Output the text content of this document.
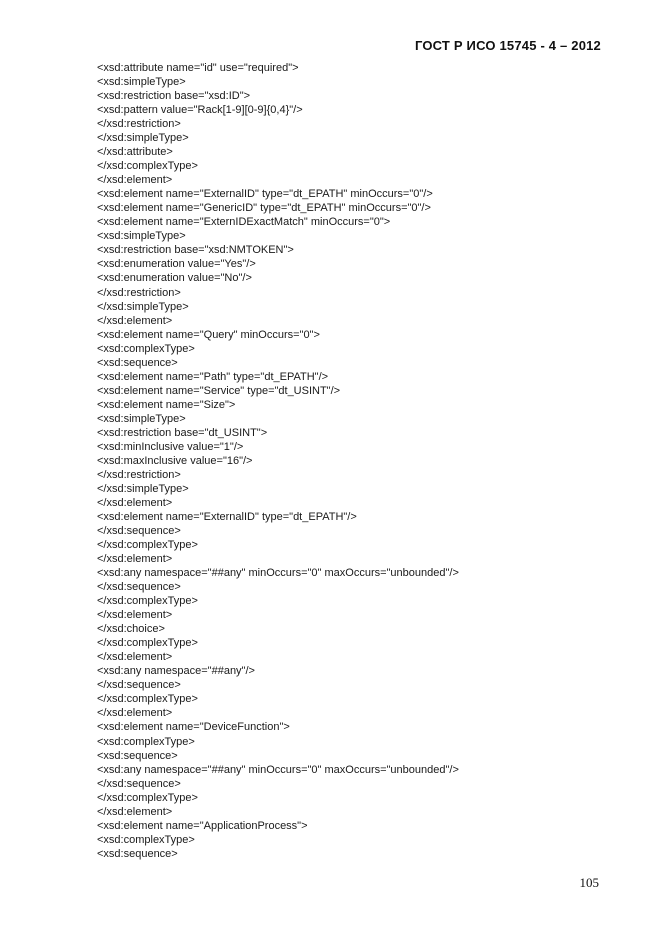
ГОСТ Р ИСО 15745 - 4 – 2012
<xsd:attribute name="id" use="required">
<xsd:simpleType>
<xsd:restriction base="xsd:ID">
<xsd:pattern value="Rack[1-9][0-9]{0,4}"/>
</xsd:restriction>
</xsd:simpleType>
</xsd:attribute>
</xsd:complexType>
</xsd:element>
<xsd:element name="ExternalID" type="dt_EPATH" minOccurs="0"/>
<xsd:element name="GenericID" type="dt_EPATH" minOccurs="0"/>
<xsd:element name="ExternIDExactMatch" minOccurs="0">
<xsd:simpleType>
<xsd:restriction base="xsd:NMTOKEN">
<xsd:enumeration value="Yes"/>
<xsd:enumeration value="No"/>
</xsd:restriction>
</xsd:simpleType>
</xsd:element>
<xsd:element name="Query" minOccurs="0">
<xsd:complexType>
<xsd:sequence>
<xsd:element name="Path" type="dt_EPATH"/>
<xsd:element name="Service" type="dt_USINT"/>
<xsd:element name="Size">
<xsd:simpleType>
<xsd:restriction base="dt_USINT">
<xsd:minInclusive value="1"/>
<xsd:maxInclusive value="16"/>
</xsd:restriction>
</xsd:simpleType>
</xsd:element>
<xsd:element name="ExternalID" type="dt_EPATH"/>
</xsd:sequence>
</xsd:complexType>
</xsd:element>
<xsd:any namespace="##any" minOccurs="0" maxOccurs="unbounded"/>
</xsd:sequence>
</xsd:complexType>
</xsd:element>
</xsd:choice>
</xsd:complexType>
</xsd:element>
<xsd:any namespace="##any"/>
</xsd:sequence>
</xsd:complexType>
</xsd:element>
<xsd:element name="DeviceFunction">
<xsd:complexType>
<xsd:sequence>
<xsd:any namespace="##any" minOccurs="0" maxOccurs="unbounded"/>
</xsd:sequence>
</xsd:complexType>
</xsd:element>
<xsd:element name="ApplicationProcess">
<xsd:complexType>
<xsd:sequence>
105
